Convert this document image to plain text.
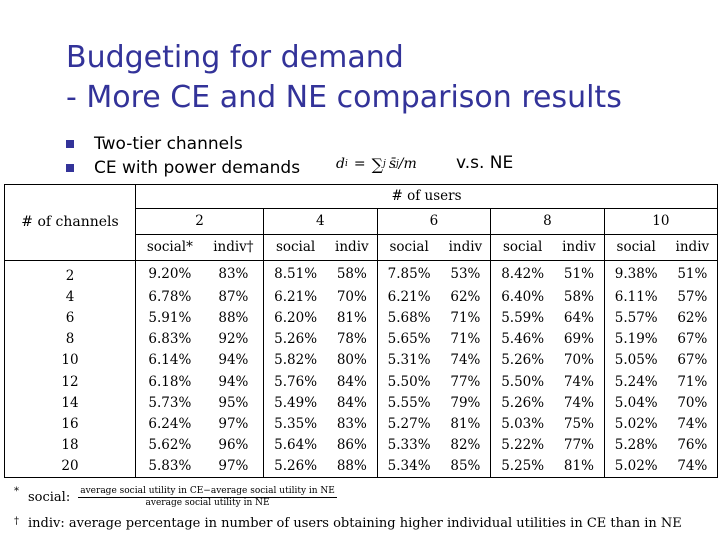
Budgeting for demand
- More CE and NE comparison results
Two-tier channels
CE with power demands	d i = ∑ j s̄ j /m v.s. NE
# of channels	# of users									
	2		4		6		8		10	
	social*	indiv†	social	indiv	social	indiv	social	indiv	social	indiv
2	9.20%	83%	8.51%	58%	7.85%	53%	8.42%	51%	9.38%	51%
4	6.78%	87%	6.21%	70%	6.21%	62%	6.40%	58%	6.11%	57%
6	5.91%	88%	6.20%	81%	5.68%	71%	5.59%	64%	5.57%	62%
8	6.83%	92%	5.26%	78%	5.65%	71%	5.46%	69%	5.19%	67%
10	6.14%	94%	5.82%	80%	5.31%	74%	5.26%	70%	5.05%	67%
12	6.18%	94%	5.76%	84%	5.50%	77%	5.50%	74%	5.24%	71%
14	5.73%	95%	5.49%	84%	5.55%	79%	5.26%	74%	5.04%	70%
16	6.24%	97%	5.35%	83%	5.27%	81%	5.03%	75%	5.02%	74%
18	5.62%	96%	5.64%	86%	5.33%	82%	5.22%	77%	5.28%	76%
20	5.83%	97%	5.26%	88%	5.34%	85%	5.25%	81%	5.02%	74%
* social: $\frac{\text{average social utility in CE−average social utility in NE}}{\text{average social utility in NE}}$
† indiv: average percentage in number of users obtaining higher individual utilities in CE than in NE
